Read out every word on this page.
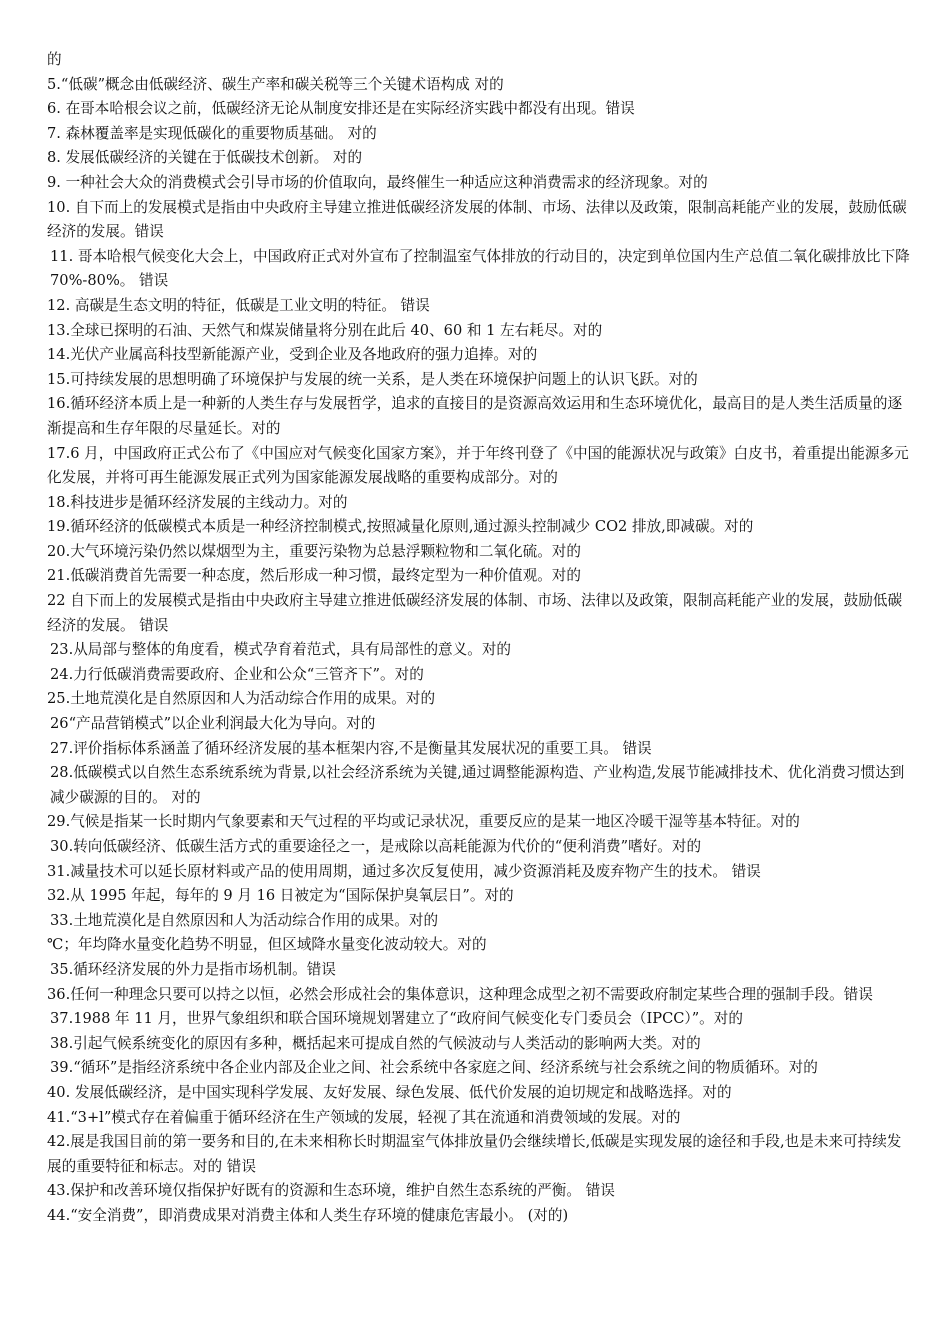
的

5.“低碳”概念由低碳经济、碳生产率和碳关税等三个关键术语构成 对的

6. 在哥本哈根会议之前，低碳经济无论从制度安排还是在实际经济实践中都没有出现。错误

7. 森林覆盖率是实现低碳化的重要物质基础。 对的

8. 发展低碳经济的关键在于低碳技术创新。 对的

9. 一种社会大众的消费模式会引导市场的价值取向，最终催生一种适应这种消费需求的经济现象。对的

10. 自下而上的发展模式是指由中央政府主导建立推进低碳经济发展的体制、市场、法律以及政策，限制高耗能产业的发展，鼓励低碳经济的发展。错误

11. 哥本哈根气候变化大会上，中国政府正式对外宣布了控制温室气体排放的行动目的，决定到单位国内生产总值二氧化碳排放比下降 70%-80%。 错误

12. 高碳是生态文明的特征，低碳是工业文明的特征。 错误

13.全球已探明的石油、天然气和煤炭储量将分别在此后 40、60 和 1 左右耗尽。对的

14.光伏产业属高科技型新能源产业，受到企业及各地政府的强力追捧。对的

15.可持续发展的思想明确了环境保护与发展的统一关系，是人类在环境保护问题上的认识飞跃。对的

16.循环经济本质上是一种新的人类生存与发展哲学，追求的直接目的是资源高效运用和生态环境优化，最高目的是人类生活质量的逐渐提高和生存年限的尽量延长。对的

17.6 月，中国政府正式公布了《中国应对气候变化国家方案》，并于年终刊登了《中国的能源状况与政策》白皮书，着重提出能源多元化发展，并将可再生能源发展正式列为国家能源发展战略的重要构成部分。对的

18.科技进步是循环经济发展的主线动力。对的

19.循环经济的低碳模式本质是一种经济控制模式,按照减量化原则,通过源头控制减少 CO2 排放,即减碳。对的

20.大气环境污染仍然以煤烟型为主，重要污染物为总悬浮颗粒物和二氧化硫。对的

21.低碳消费首先需要一种态度，然后形成一种习惯，最终定型为一种价值观。对的

22 自下而上的发展模式是指由中央政府主导建立推进低碳经济发展的体制、市场、法律以及政策，限制高耗能产业的发展，鼓励低碳经济的发展。 错误

23.从局部与整体的角度看，模式孕育着范式，具有局部性的意义。对的

24.力行低碳消费需要政府、企业和公众“三管齐下”。对的

25.土地荒漠化是自然原因和人为活动综合作用的成果。对的

26“产品营销模式”以企业利润最大化为导向。对的

27.评价指标体系涵盖了循环经济发展的基本框架内容,不是衡量其发展状况的重要工具。 错误

28.低碳模式以自然生态系统系统为背景,以社会经济系统为关键,通过调整能源构造、产业构造,发展节能减排技术、优化消费习惯达到减少碳源的目的。 对的

29.气候是指某一长时期内气象要素和天气过程的平均或记录状况，重要反应的是某一地区冷暖干湿等基本特征。对的

30.转向低碳经济、低碳生活方式的重要途径之一，是戒除以高耗能源为代价的“便利消费”嗜好。对的

31.减量技术可以延长原材料或产品的使用周期，通过多次反复使用，减少资源消耗及废弃物产生的技术。 错误

32.从 1995 年起，每年的 9 月 16 日被定为“国际保护臭氧层日”。对的

33.土地荒漠化是自然原因和人为活动综合作用的成果。对的

℃；年均降水量变化趋势不明显，但区域降水量变化波动较大。对的

35.循环经济发展的外力是指市场机制。错误

36.任何一种理念只要可以持之以恒，必然会形成社会的集体意识，这种理念成型之初不需要政府制定某些合理的强制手段。错误

37.1988 年 11 月，世界气象组织和联合国环境规划署建立了“政府间气候变化专门委员会（IPCC）”。对的

38.引起气候系统变化的原因有多种，概括起来可提成自然的气候波动与人类活动的影响两大类。对的

39.“循环”是指经济系统中各企业内部及企业之间、社会系统中各家庭之间、经济系统与社会系统之间的物质循环。对的

40. 发展低碳经济，是中国实现科学发展、友好发展、绿色发展、低代价发展的迫切规定和战略选择。对的

41.“3+l”模式存在着偏重于循环经济在生产领域的发展，轻视了其在流通和消费领域的发展。对的

42.展是我国目前的第一要务和目的,在未来相称长时期温室气体排放量仍会继续增长,低碳是实现发展的途径和手段,也是未来可持续发展的重要特征和标志。对的 错误

43.保护和改善环境仅指保护好既有的资源和生态环境，维护自然生态系统的严衡。 错误

44.“安全消费”，即消费成果对消费主体和人类生存环境的健康危害最小。 (对的)
